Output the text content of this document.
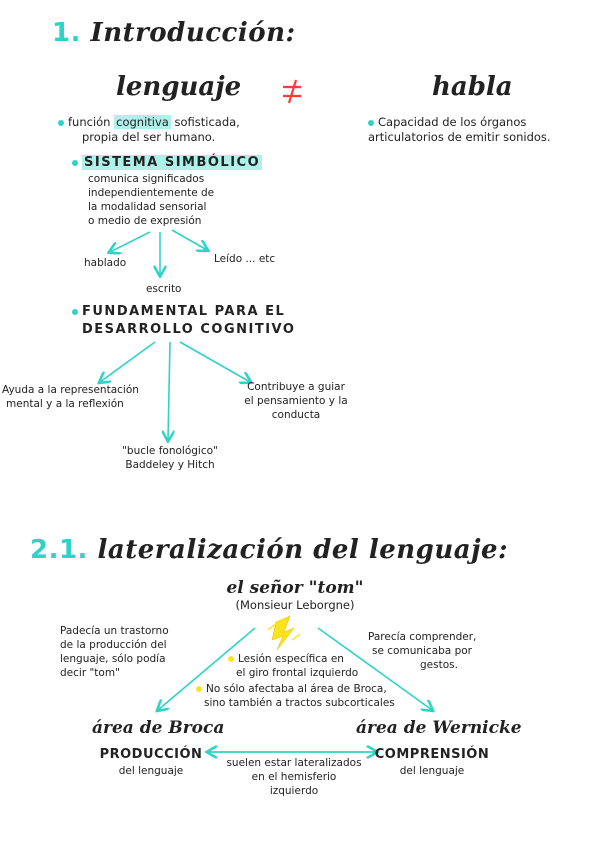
1. Introducción:
lenguaje	habla
función cognitiva sofisticada,
propia del ser humano.
Capacidad de los órganos
articulatorios de emitir sonidos.
SISTEMA SIMBÓLICO
comunica significados
independientemente de
la modalidad sensorial
o medio de expresión
hablado
escrito
Leído ... etc
FUNDAMENTAL PARA EL
DESARROLLO COGNITIVO
Ayuda a la representación
mental y a la reflexión
Contribuye a guiar
el pensamiento y la
conducta
"bucle fonológico"
Baddeley y Hitch
2.1. lateralización del lenguaje:
el señor "tom"
(Monsieur Leborgne)
Padecía un trastorno
de la producción del
lenguaje, sólo podía
decir "tom"
Parecía comprender,
se comunicaba por
gestos.
Lesión específica en
el giro frontal izquierdo
No sólo afectaba al área de Broca,
sino también a tractos subcorticales
área de Broca
PRODUCCIÓN
del lenguaje
área de Wernicke
COMPRENSIÓN
del lenguaje
suelen estar lateralizados
en el hemisferio
izquierdo
